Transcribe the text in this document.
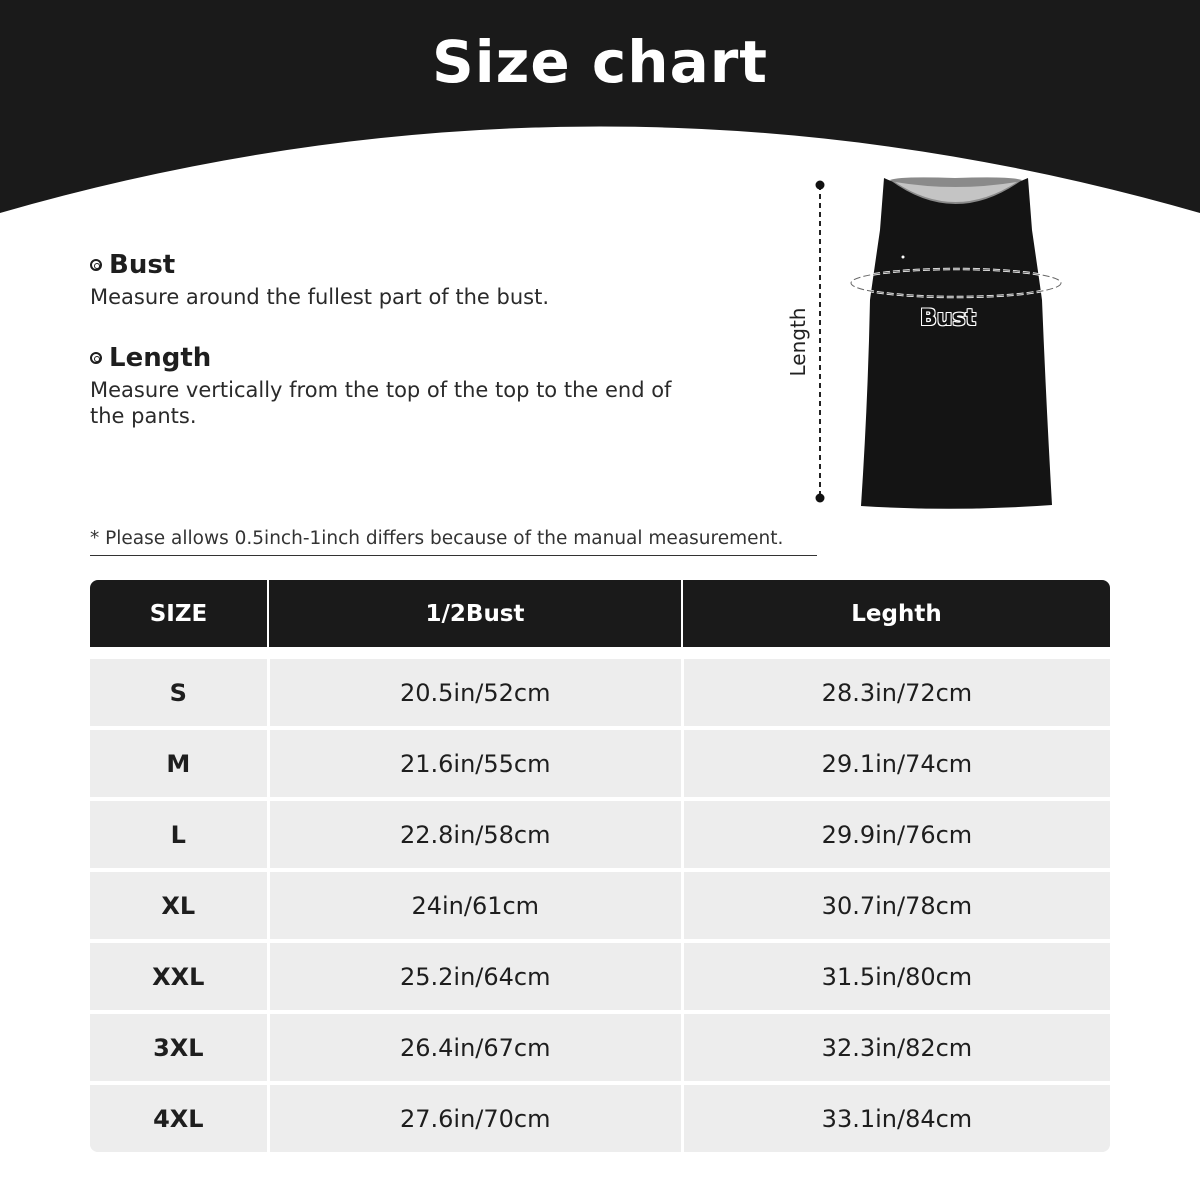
Size chart
Bust
Measure around the fullest part of the bust.
Length
Measure vertically from the top of the top to the end of the pants.
Length	Bust
* Please allows 0.5inch-1inch differs because of the manual measurement.
SIZE	1/2Bust	Leghth
S	20.5in/52cm	28.3in/72cm
M	21.6in/55cm	29.1in/74cm
L	22.8in/58cm	29.9in/76cm
XL	24in/61cm	30.7in/78cm
XXL	25.2in/64cm	31.5in/80cm
3XL	26.4in/67cm	32.3in/82cm
4XL	27.6in/70cm	33.1in/84cm
